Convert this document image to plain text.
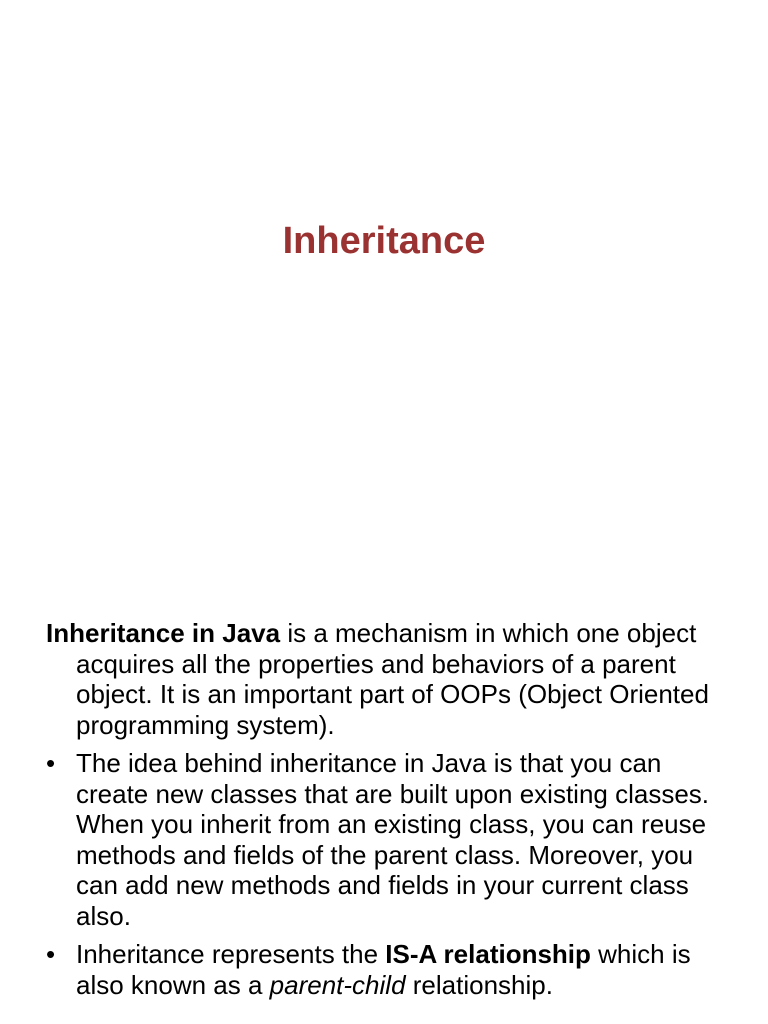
Inheritance

Inheritance in Java is a mechanism in which one object acquires all the properties and behaviors of a parent object. It is an important part of OOPs (Object Oriented programming system).

• The idea behind inheritance in Java is that you can create new classes that are built upon existing classes. When you inherit from an existing class, you can reuse methods and fields of the parent class. Moreover, you can add new methods and fields in your current class also.
• Inheritance represents the IS-A relationship which is also known as a parent-child relationship.
